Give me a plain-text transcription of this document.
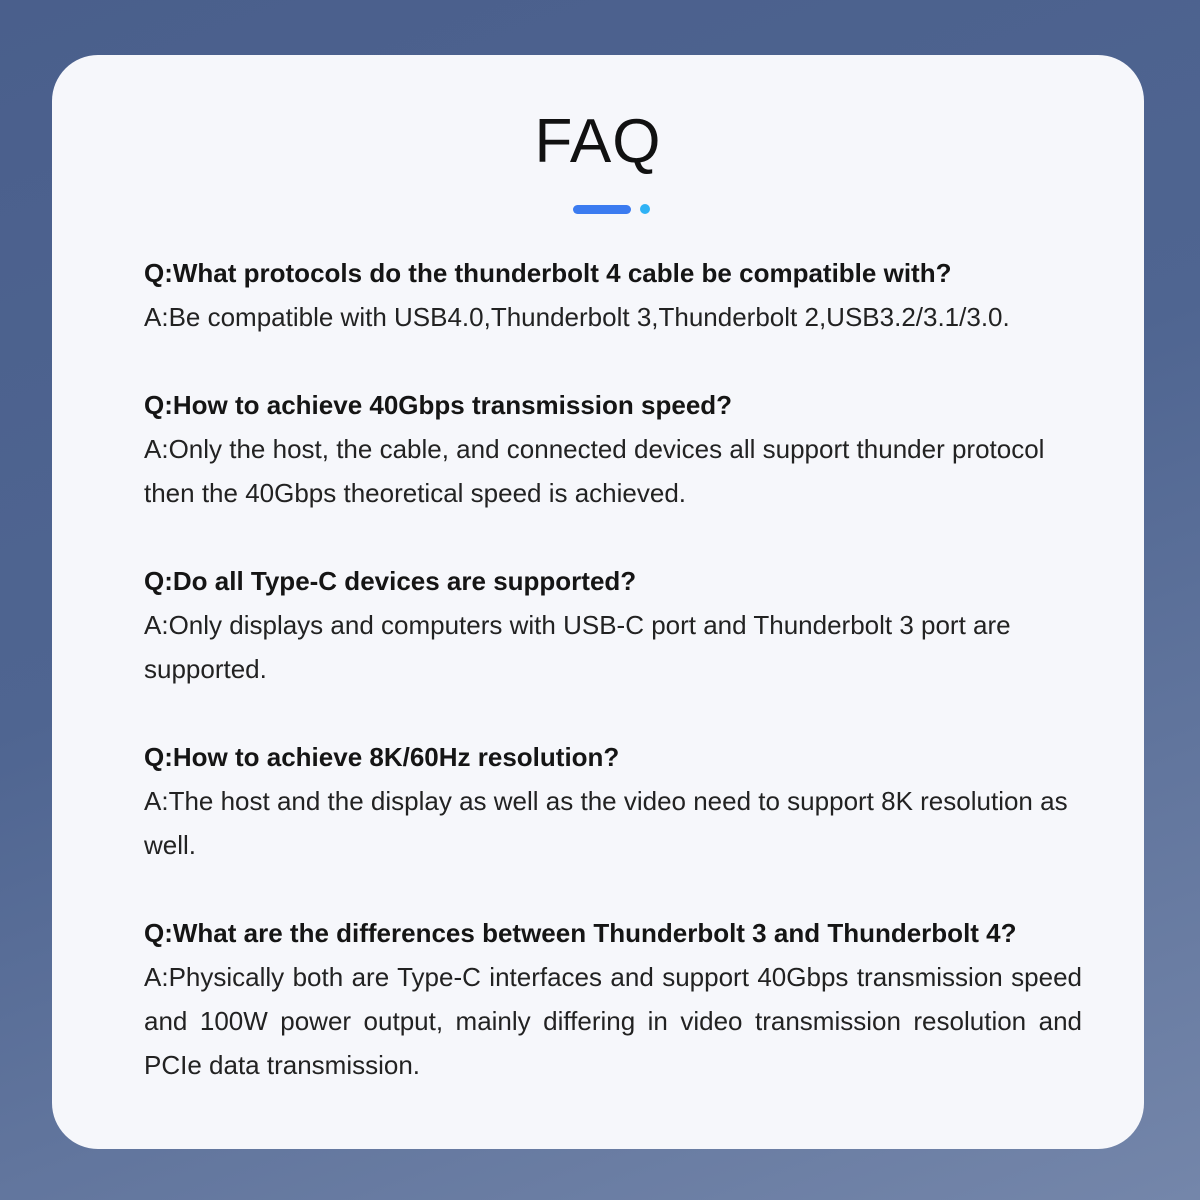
FAQ

Q:What protocols do the thunderbolt 4 cable be compatible with?

A:Be compatible with USB4.0,Thunderbolt 3,Thunderbolt 2,USB3.2/3.1/3.0.

Q:How to achieve 40Gbps transmission speed?

A:Only the host, the cable, and connected devices all support thunder protocol then the 40Gbps theoretical speed is achieved.

Q:Do all Type-C devices are supported?

A:Only displays and computers with USB-C port and Thunderbolt 3 port are supported.

Q:How to achieve 8K/60Hz resolution?

A:The host and the display as well as the video need to support 8K resolution as well.

Q:What are the differences between Thunderbolt 3 and Thunderbolt 4?

A:Physically both are Type-C interfaces and support 40Gbps transmission speed and 100W power output, mainly differing in video transmission resolution and PCIe data transmission.
